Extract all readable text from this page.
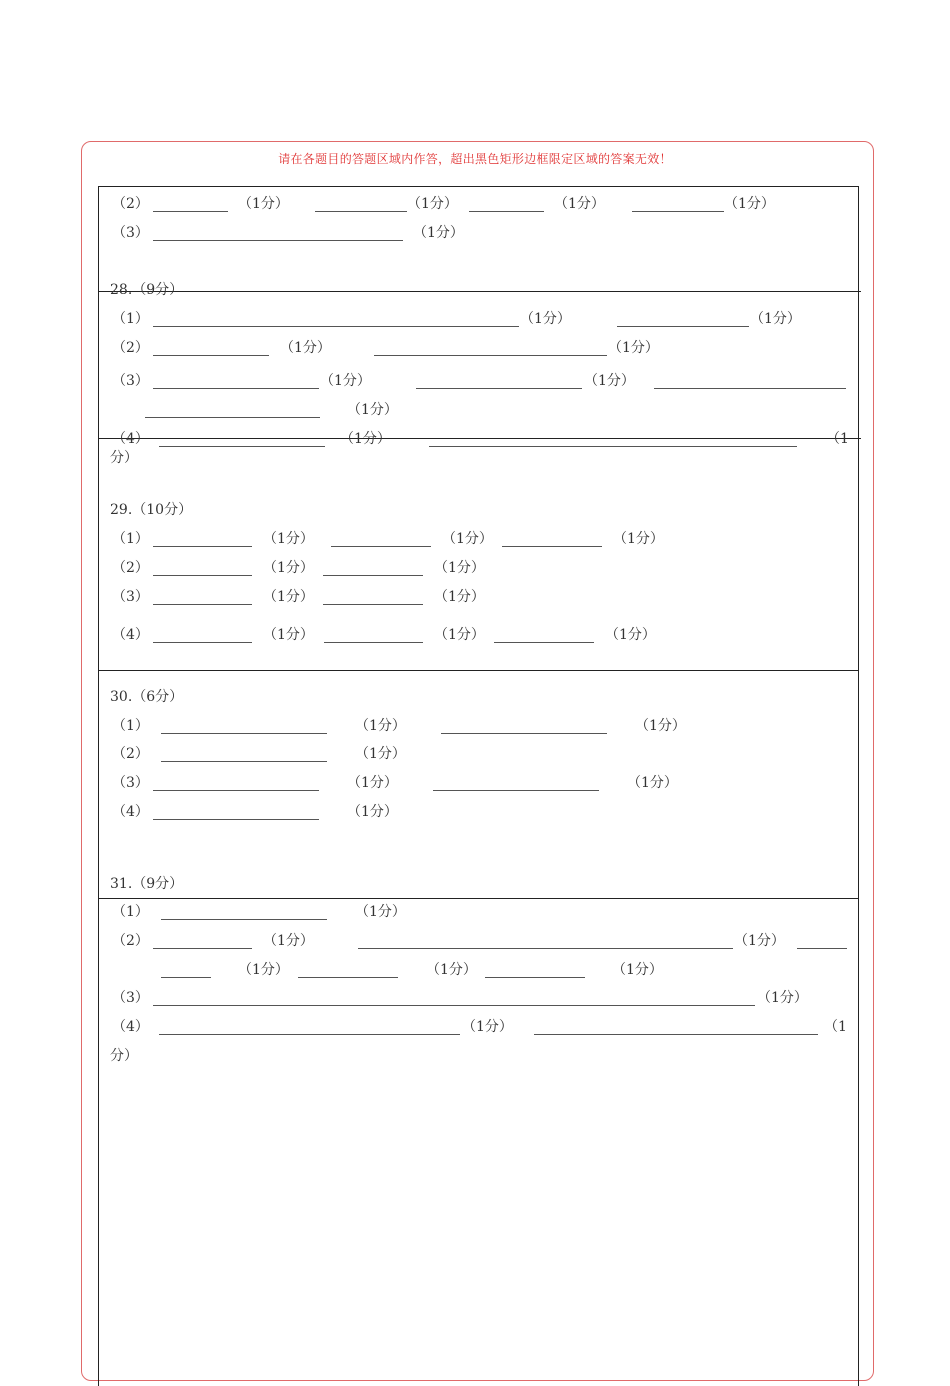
请在各题目的答题区域内作答，超出黑色矩形边框限定区域的答案无效！
（2）	（1分）	（1分）	（1分）	（1分）
（3）	（1分）
28.（9分）
（1）	（1分）	（1分）
（2）	（1分）	（1分）
（3）	（1分）	（1分）
（1分）
（4）	（1分）	（1
分）
29.（10分）
（1）	（1分）	（1分）	（1分）
（2）	（1分）	（1分）
（3）	（1分）	（1分）
（4）	（1分）	（1分）	（1分）
30.（6分）
（1）	（1分）	（1分）
（2）	（1分）
（3）	（1分）	（1分）
（4）	（1分）
31.（9分）
（1）	（1分）
（2）	（1分）	（1分）
（1分）	（1分）	（1分）
（3）	（1分）
（4）	（1分）	（1
分）
